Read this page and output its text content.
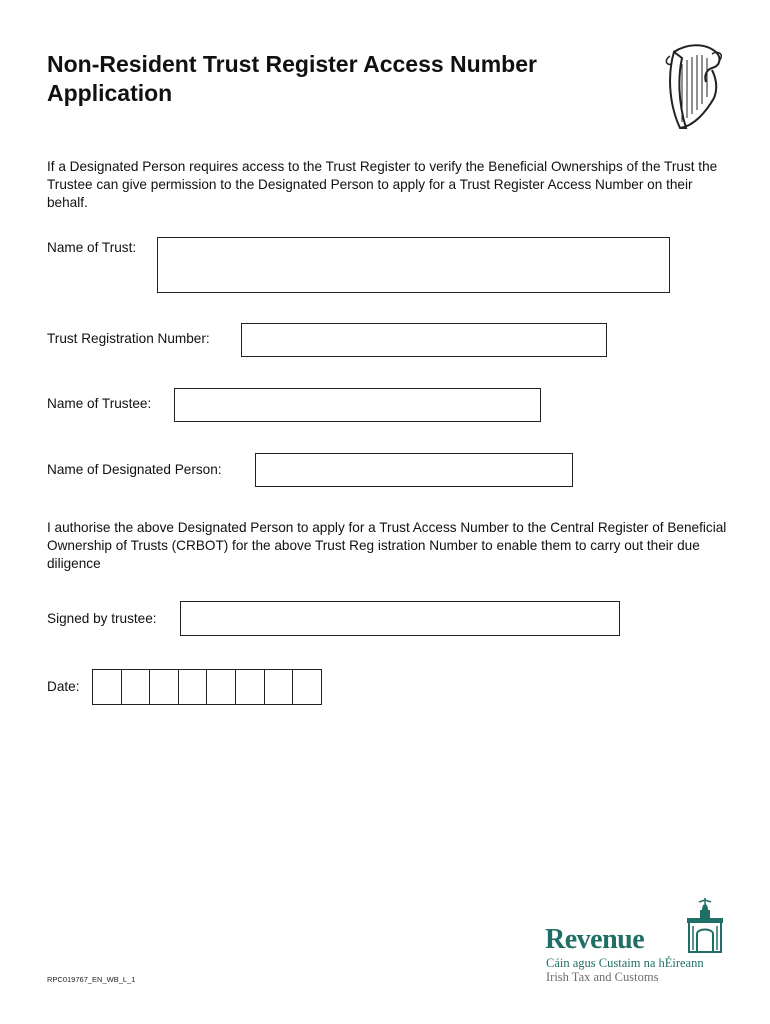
Non-Resident Trust Register Access Number Application
If a Designated Person requires access to the Trust Register to verify the Beneficial Ownerships of the Trust the Trustee can give permission to the Designated Person to apply for a Trust Register Access Number on their behalf.
Name of Trust:
Trust Registration Number:
Name of Trustee:
Name of Designated Person:
I authorise the above Designated Person to apply for a Trust Access Number to the Central Register of Beneficial Ownership of Trusts (CRBOT) for the above Trust Reg istration Number to enable them to carry out their due diligence
Signed by trustee:
Date:
RPC019767_EN_WB_L_1
Revenue
Cáin agus Custaim na hÉireann
Irish Tax and Customs
